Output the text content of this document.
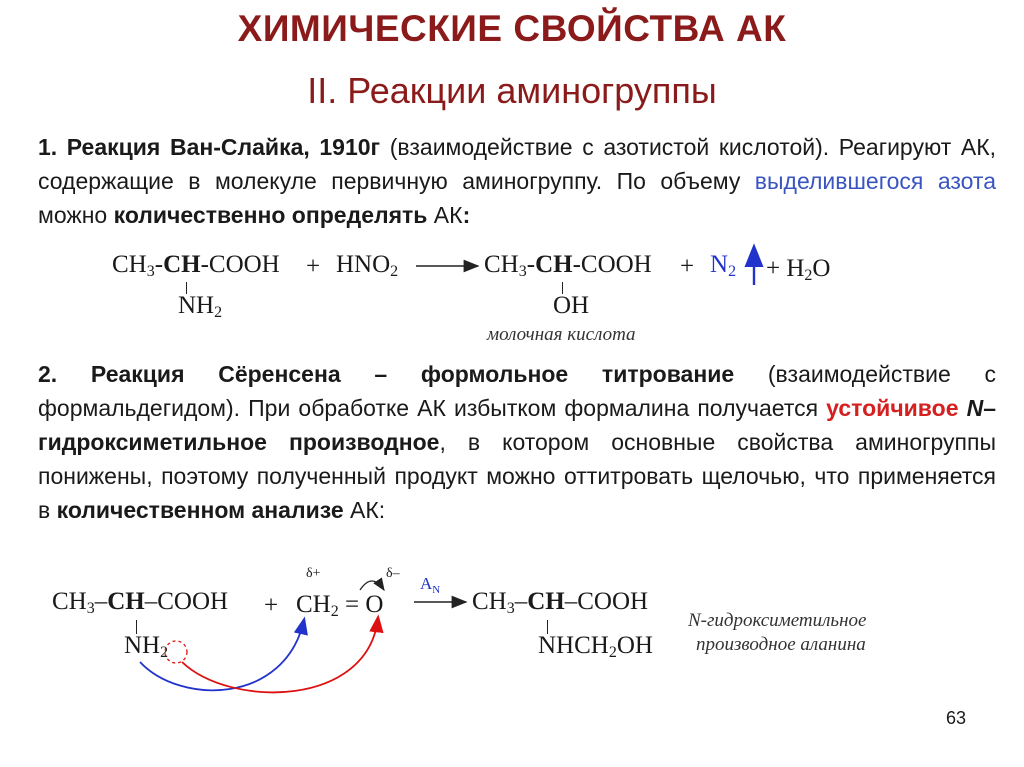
ХИМИЧЕСКИЕ СВОЙСТВА АК
II. Реакции аминогруппы
1. Реакция Ван-Слайка, 1910г (взаимодействие с азотистой кислотой). Реагируют АК, содержащие в молекуле первичную аминогруппу. По объему выделившегося азота можно количественно определять АК:
$CH_3-CH$-COOH + $HNO_2$	$CH_3-CH$-COOH + $N_2 + H_2O$
$NH_2$	OH
молочная кислота
2. Реакция Сёренсена – формольное титрование (взаимодействие с формальдегидом). При обработке АК избытком формалина получается устойчивое N–гидроксиметильное производное, в котором основные свойства аминогруппы понижены, поэтому полученный продукт можно оттитровать щелочью, что применяется в количественном анализе АК:
$CH_3-CH$–COOH + $CH_2 = O$
δ+	δ–
$A_N$ $CH_3-CH$–COOH
$NH_2$	$NHCH_2OH$
N-гидроксиметильное
производное аланина
63
